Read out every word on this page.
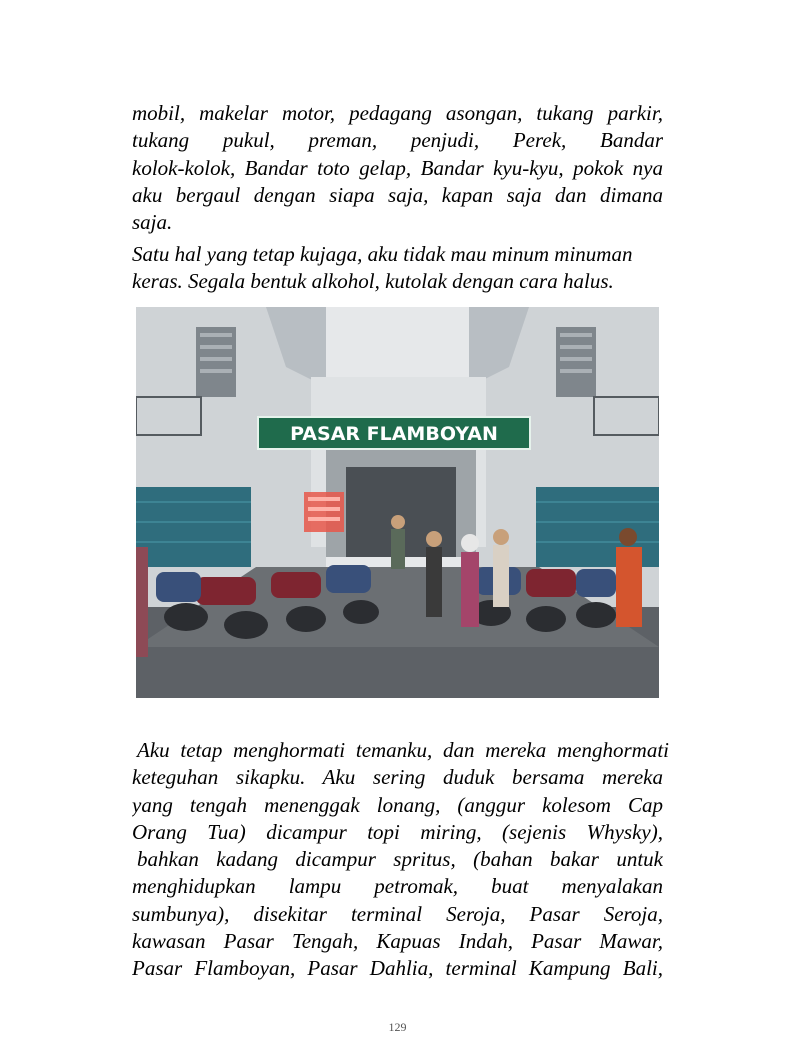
mobil, makelar motor, pedagang asongan, tukang parkir,
tukang pukul, preman, penjudi, Perek, Bandar
kolok-kolok, Bandar toto gelap, Bandar kyu-kyu, pokok nya
aku bergaul dengan siapa saja, kapan saja dan dimana
saja.
Satu hal yang tetap kujaga, aku tidak mau minum minuman
keras. Segala bentuk alkohol, kutolak dengan cara halus.
PASAR FLAMBOYAN
Aku tetap menghormati temanku, dan mereka menghormati
keteguhan sikapku. Aku sering duduk bersama mereka
yang tengah menenggak lonang, (anggur kolesom Cap
Orang Tua) dicampur topi miring, (sejenis Whysky),
bahkan kadang dicampur spritus, (bahan bakar untuk
menghidupkan lampu petromak, buat menyalakan
sumbunya), disekitar terminal Seroja, Pasar Seroja,
kawasan Pasar Tengah, Kapuas Indah, Pasar Mawar,
Pasar Flamboyan, Pasar Dahlia, terminal Kampung Bali,
129
